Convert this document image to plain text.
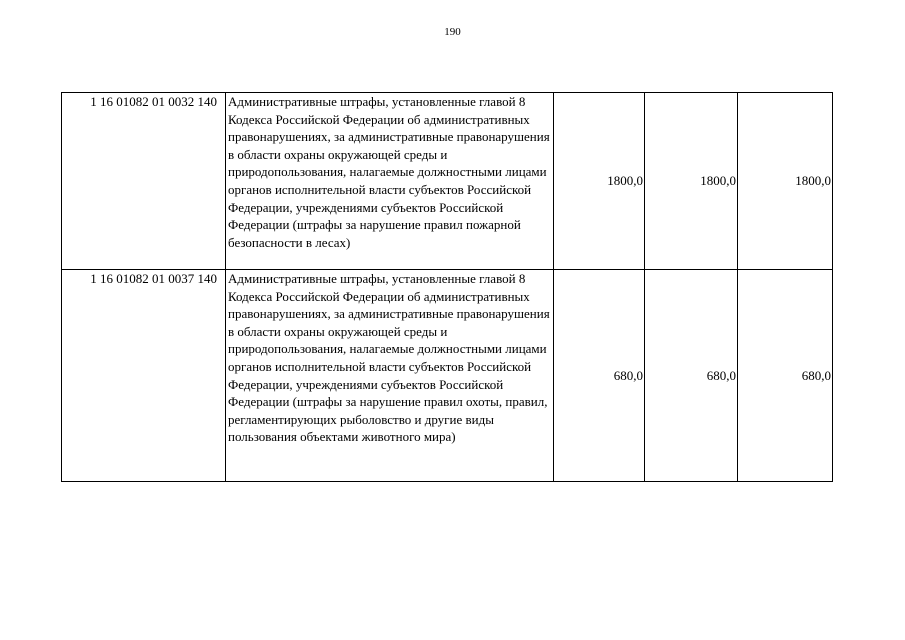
190
1 16 01082 01 0032 140	Административные штрафы, установленные главой 8 Кодекса Российской Федерации об административных правонарушениях, за административные правонарушения в области охраны окружающей среды и природопользования, налагаемые должностными лицами органов исполнительной власти субъектов Российской Федерации, учреждениями субъектов Российской Федерации (штрафы за нарушение правил пожарной безопасности в лесах)	1800,0	1800,0	1800,0
1 16 01082 01 0037 140	Административные штрафы, установленные главой 8 Кодекса Российской Федерации об административных правонарушениях, за административные правонарушения в области охраны окружающей среды и природопользования, налагаемые должностными лицами органов исполнительной власти субъектов Российской Федерации, учреждениями субъектов Российской Федерации (штрафы за нарушение правил охоты, правил, регламентирующих рыболовство и другие виды пользования объектами животного мира)	680,0	680,0	680,0
